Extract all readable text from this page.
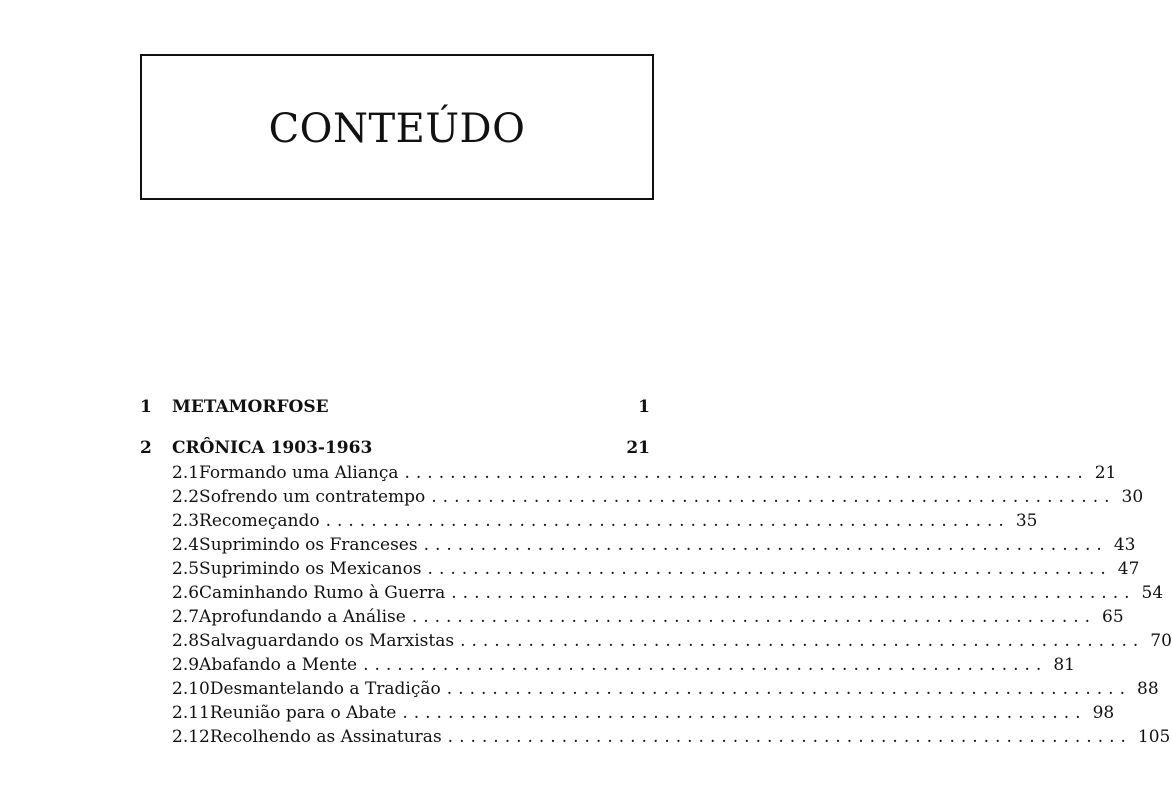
CONTEÚDO
1	METAMORFOSE	1
2	CRÔNICA 1903-1963	21
2.1 Formando uma Aliança ............................................................ 21
2.2 Sofrendo um contratempo ............................................................ 30
2.3 Recomeçando ............................................................ 35
2.4 Suprimindo os Franceses ............................................................ 43
2.5 Suprimindo os Mexicanos ............................................................ 47
2.6 Caminhando Rumo à Guerra ............................................................ 54
2.7 Aprofundando a Análise ............................................................ 65
2.8 Salvaguardando os Marxistas ............................................................ 70
2.9 Abafando a Mente ............................................................ 81
2.10 Desmantelando a Tradição ............................................................ 88
2.11 Reunião para o Abate ............................................................ 98
2.12 Recolhendo as Assinaturas ............................................................ 105
